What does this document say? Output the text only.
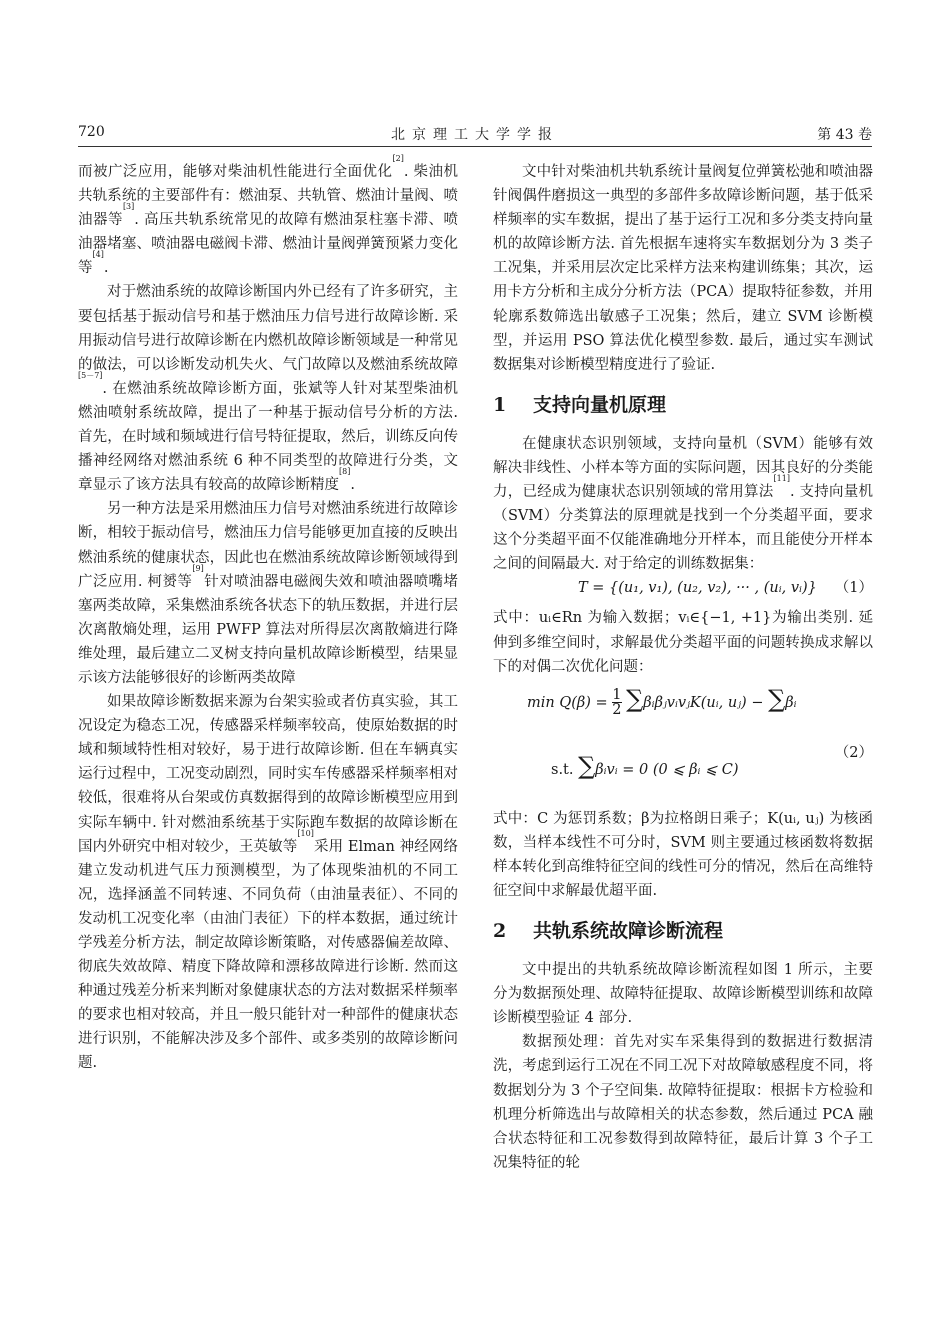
720	北京理工大学学报	第 43 卷

而被广泛应用，能够对柴油机性能进行全面优化[2]. 柴油机共轨系统的主要部件有：燃油泵、共轨管、燃油计量阀、喷油器等[3]. 高压共轨系统常见的故障有燃油泵柱塞卡滞、喷油器堵塞、喷油器电磁阀卡滞、燃油计量阀弹簧预紧力变化等[4].

对于燃油系统的故障诊断国内外已经有了许多研究，主要包括基于振动信号和基于燃油压力信号进行故障诊断. 采用振动信号进行故障诊断在内燃机故障诊断领域是一种常见的做法，可以诊断发动机失火、气门故障以及燃油系统故障[5－7]. 在燃油系统故障诊断方面，张斌等人针对某型柴油机燃油喷射系统故障，提出了一种基于振动信号分析的方法. 首先，在时域和频域进行信号特征提取，然后，训练反向传播神经网络对燃油系统 6 种不同类型的故障进行分类，文章显示了该方法具有较高的故障诊断精度[8].

另一种方法是采用燃油压力信号对燃油系统进行故障诊断，相较于振动信号，燃油压力信号能够更加直接的反映出燃油系统的健康状态，因此也在燃油系统故障诊断领域得到广泛应用. 柯赟等[9]针对喷油器电磁阀失效和喷油器喷嘴堵塞两类故障，采集燃油系统各状态下的轨压数据，并进行层次离散熵处理，运用 PWFP 算法对所得层次离散熵进行降维处理，最后建立二叉树支持向量机故障诊断模型，结果显示该方法能够很好的诊断两类故障

如果故障诊断数据来源为台架实验或者仿真实验，其工况设定为稳态工况，传感器采样频率较高，使原始数据的时域和频域特性相对较好，易于进行故障诊断. 但在车辆真实运行过程中，工况变动剧烈，同时实车传感器采样频率相对较低，很难将从台架或仿真数据得到的故障诊断模型应用到实际车辆中. 针对燃油系统基于实际跑车数据的故障诊断在国内外研究中相对较少，王英敏等[10]采用 Elman 神经网络建立发动机进气压力预测模型，为了体现柴油机的不同工况，选择涵盖不同转速、不同负荷（由油量表征）、不同的发动机工况变化率（由油门表征）下的样本数据，通过统计学残差分析方法，制定故障诊断策略，对传感器偏差故障、彻底失效故障、精度下降故障和漂移故障进行诊断. 然而这种通过残差分析来判断对象健康状态的方法对数据采样频率的要求也相对较高，并且一般只能针对一种部件的健康状态进行识别，不能解决涉及多个部件、或多类别的故障诊断问题.

文中针对柴油机共轨系统计量阀复位弹簧松弛和喷油器针阀偶件磨损这一典型的多部件多故障诊断问题，基于低采样频率的实车数据，提出了基于运行工况和多分类支持向量机的故障诊断方法. 首先根据车速将实车数据划分为 3 类子工况集，并采用层次定比采样方法来构建训练集；其次，运用卡方分析和主成分分析方法（PCA）提取特征参数，并用轮廓系数筛选出敏感子工况集；然后，建立 SVM 诊断模型，并运用 PSO 算法优化模型参数. 最后，通过实车测试数据集对诊断模型精度进行了验证.

1 支持向量机原理

在健康状态识别领域，支持向量机（SVM）能够有效解决非线性、小样本等方面的实际问题，因其良好的分类能力，已经成为健康状态识别领域的常用算法[11]. 支持向量机（SVM）分类算法的原理就是找到一个分类超平面，要求这个分类超平面不仅能准确地分开样本，而且能使分开样本之间的间隔最大. 对于给定的训练数据集：

T = {(u₁, v₁), (u₂, v₂), ··· , (uᵢ, vᵢ)} （1）

式中：uᵢ∈Rn 为输入数据；vᵢ∈{−1, +1}为输出类别. 延伸到多维空间时，求解最优分类超平面的问题转换成求解以下的对偶二次优化问题：

$\min Q(\beta) = \frac{1}{2}$ ∑βᵢβⱼvᵢvⱼK(uᵢ, uⱼ) − ∑βᵢ
s.t. ∑βᵢvᵢ = 0 (0 ⩽ βᵢ ⩽ C)
（2）

式中：C 为惩罚系数；β为拉格朗日乘子；K(uᵢ, uⱼ) 为核函数，当样本线性不可分时，SVM 则主要通过核函数将数据样本转化到高维特征空间的线性可分的情况，然后在高维特征空间中求解最优超平面.

2 共轨系统故障诊断流程

文中提出的共轨系统故障诊断流程如图 1 所示，主要分为数据预处理、故障特征提取、故障诊断模型训练和故障诊断模型验证 4 部分.

数据预处理：首先对实车采集得到的数据进行数据清洗，考虑到运行工况在不同工况下对故障敏感程度不同，将数据划分为 3 个子空间集. 故障特征提取：根据卡方检验和机理分析筛选出与故障相关的状态参数，然后通过 PCA 融合状态特征和工况参数得到故障特征，最后计算 3 个子工况集特征的轮
